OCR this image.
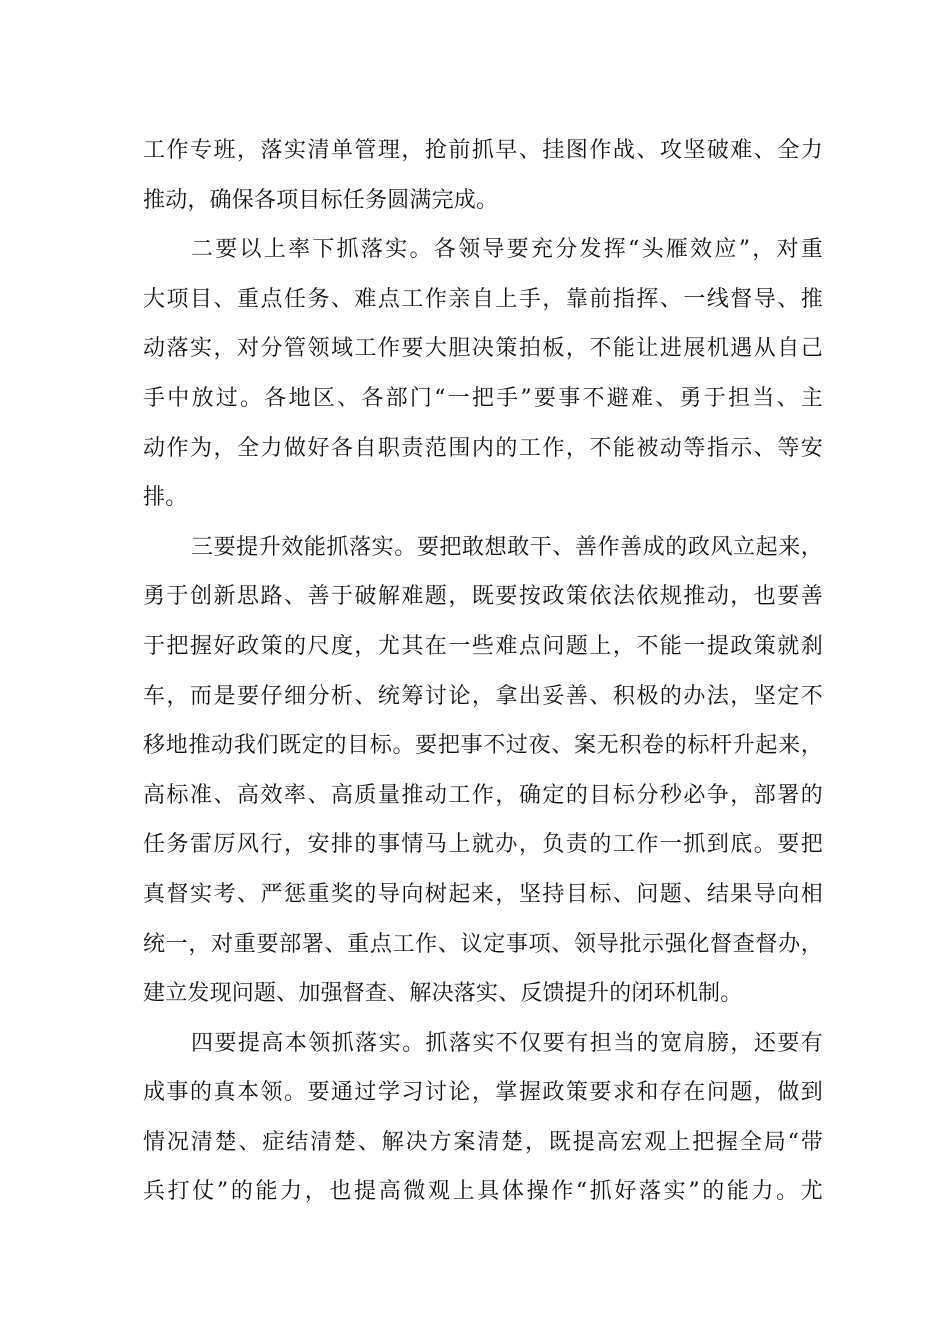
工作专班，落实清单管理，抢前抓早、挂图作战、攻坚破难、全力
推动，确保各项目标任务圆满完成。
二要以上率下抓落实。各领导要充分发挥“头雁效应”，对重
大项目、重点任务、难点工作亲自上手，靠前指挥、一线督导、推
动落实，对分管领域工作要大胆决策拍板，不能让进展机遇从自己
手中放过。各地区、各部门“一把手”要事不避难、勇于担当、主
动作为，全力做好各自职责范围内的工作，不能被动等指示、等安
排。
三要提升效能抓落实。要把敢想敢干、善作善成的政风立起来，
勇于创新思路、善于破解难题，既要按政策依法依规推动，也要善
于把握好政策的尺度，尤其在一些难点问题上，不能一提政策就刹
车，而是要仔细分析、统筹讨论，拿出妥善、积极的办法，坚定不
移地推动我们既定的目标。要把事不过夜、案无积卷的标杆升起来，
高标准、高效率、高质量推动工作，确定的目标分秒必争，部署的
任务雷厉风行，安排的事情马上就办，负责的工作一抓到底。要把
真督实考、严惩重奖的导向树起来，坚持目标、问题、结果导向相
统一，对重要部署、重点工作、议定事项、领导批示强化督查督办，
建立发现问题、加强督查、解决落实、反馈提升的闭环机制。
四要提高本领抓落实。抓落实不仅要有担当的宽肩膀，还要有
成事的真本领。要通过学习讨论，掌握政策要求和存在问题，做到
情况清楚、症结清楚、解决方案清楚，既提高宏观上把握全局“带
兵打仗”的能力，也提高微观上具体操作“抓好落实”的能力。尤
